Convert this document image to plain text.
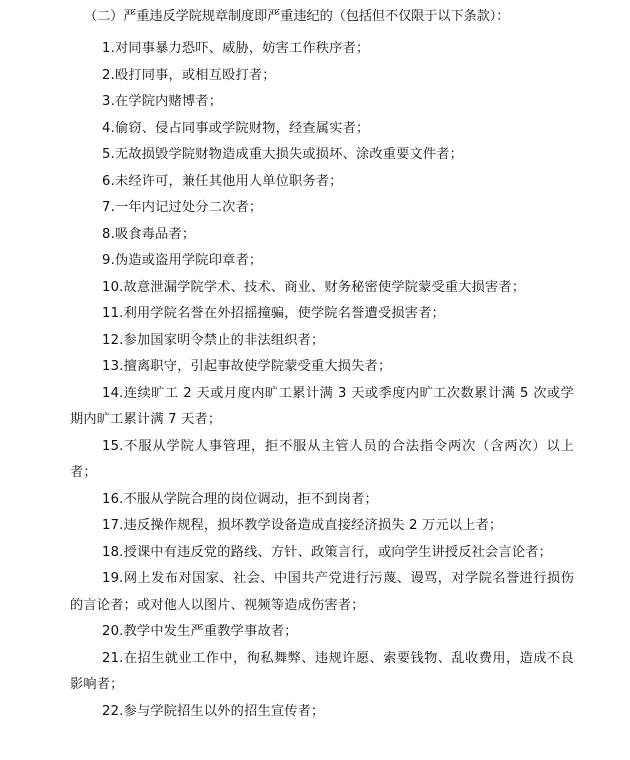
（二）严重违反学院规章制度即严重违纪的（包括但不仅限于以下条款）：
1.对同事暴力恐吓、威胁，妨害工作秩序者；
2.殴打同事，或相互殴打者；
3.在学院内赌博者；
4.偷窃、侵占同事或学院财物，经查属实者；
5.无故损毁学院财物造成重大损失或损坏、涂改重要文件者；
6.未经许可，兼任其他用人单位职务者；
7.一年内记过处分二次者；
8.吸食毒品者；
9.伪造或盗用学院印章者；
10.故意泄漏学院学术、技术、商业、财务秘密使学院蒙受重大损害者；
11.利用学院名誉在外招摇撞骗，使学院名誉遭受损害者；
12.参加国家明令禁止的非法组织者；
13.擅离职守，引起事故使学院蒙受重大损失者；
14.连续旷工 2 天或月度内旷工累计满 3 天或季度内旷工次数累计满 5 次或学期内旷工累计满 7 天者；
15.不服从学院人事管理，拒不服从主管人员的合法指令两次（含两次）以上者；
16.不服从学院合理的岗位调动，拒不到岗者；
17.违反操作规程，损坏教学设备造成直接经济损失 2 万元以上者；
18.授课中有违反党的路线、方针、政策言行，或向学生讲授反社会言论者；
19.网上发布对国家、社会、中国共产党进行污蔑、谩骂，对学院名誉进行损伤的言论者；或对他人以图片、视频等造成伤害者；
20.教学中发生严重教学事故者；
21.在招生就业工作中，徇私舞弊、违规许愿、索要钱物、乱收费用，造成不良影响者；
22.参与学院招生以外的招生宣传者；
